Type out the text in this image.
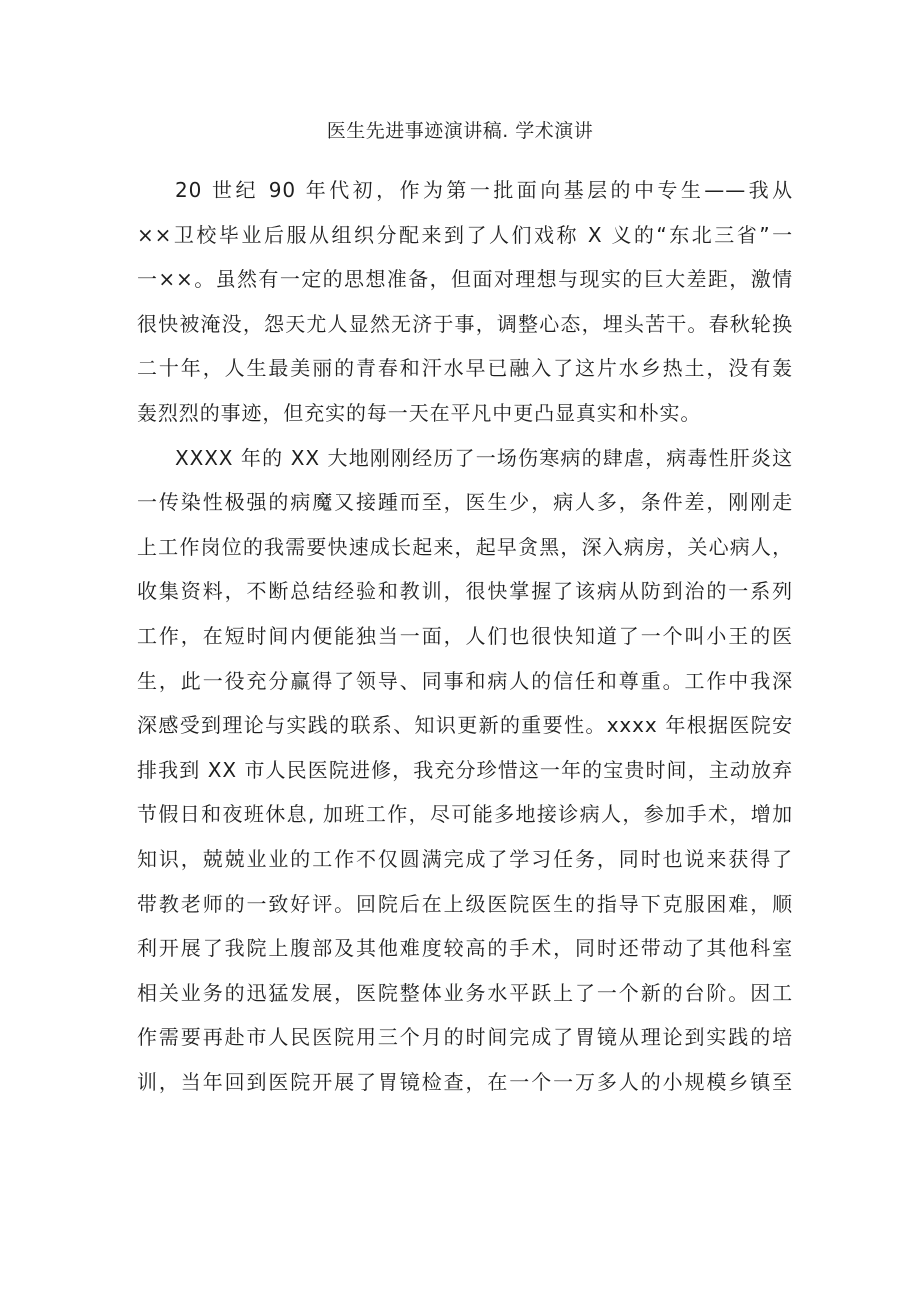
医生先进事迹演讲稿. 学术演讲
20 世纪 90 年代初，作为第一批面向基层的中专生——我从
××卫校毕业后服从组织分配来到了人们戏称 X 义的“东北三省”一
一××。虽然有一定的思想准备，但面对理想与现实的巨大差距，激情
很快被淹没，怨天尤人显然无济于事，调整心态，埋头苦干。春秋轮换
二十年，人生最美丽的青春和汗水早已融入了这片水乡热土，没有轰
轰烈烈的事迹，但充实的每一天在平凡中更凸显真实和朴实。
XXXX 年的 XX 大地刚刚经历了一场伤寒病的肆虐，病毒性肝炎这
一传染性极强的病魔又接踵而至，医生少，病人多，条件差，刚刚走
上工作岗位的我需要快速成长起来，起早贪黑，深入病房，关心病人，
收集资料，不断总结经验和教训，很快掌握了该病从防到治的一系列
工作，在短时间内便能独当一面，人们也很快知道了一个叫小王的医
生，此一役充分赢得了领导、同事和病人的信任和尊重。工作中我深
深感受到理论与实践的联系、知识更新的重要性。xxxx 年根据医院安
排我到 XX 市人民医院进修，我充分珍惜这一年的宝贵时间，主动放弃
节假日和夜班休息, 加班工作，尽可能多地接诊病人，参加手术，增加
知识，兢兢业业的工作不仅圆满完成了学习任务，同时也说来获得了
带教老师的一致好评。回院后在上级医院医生的指导下克服困难，顺
利开展了我院上腹部及其他难度较高的手术，同时还带动了其他科室
相关业务的迅猛发展，医院整体业务水平跃上了一个新的台阶。因工
作需要再赴市人民医院用三个月的时间完成了胃镜从理论到实践的培
训，当年回到医院开展了胃镜检查，在一个一万多人的小规模乡镇至
